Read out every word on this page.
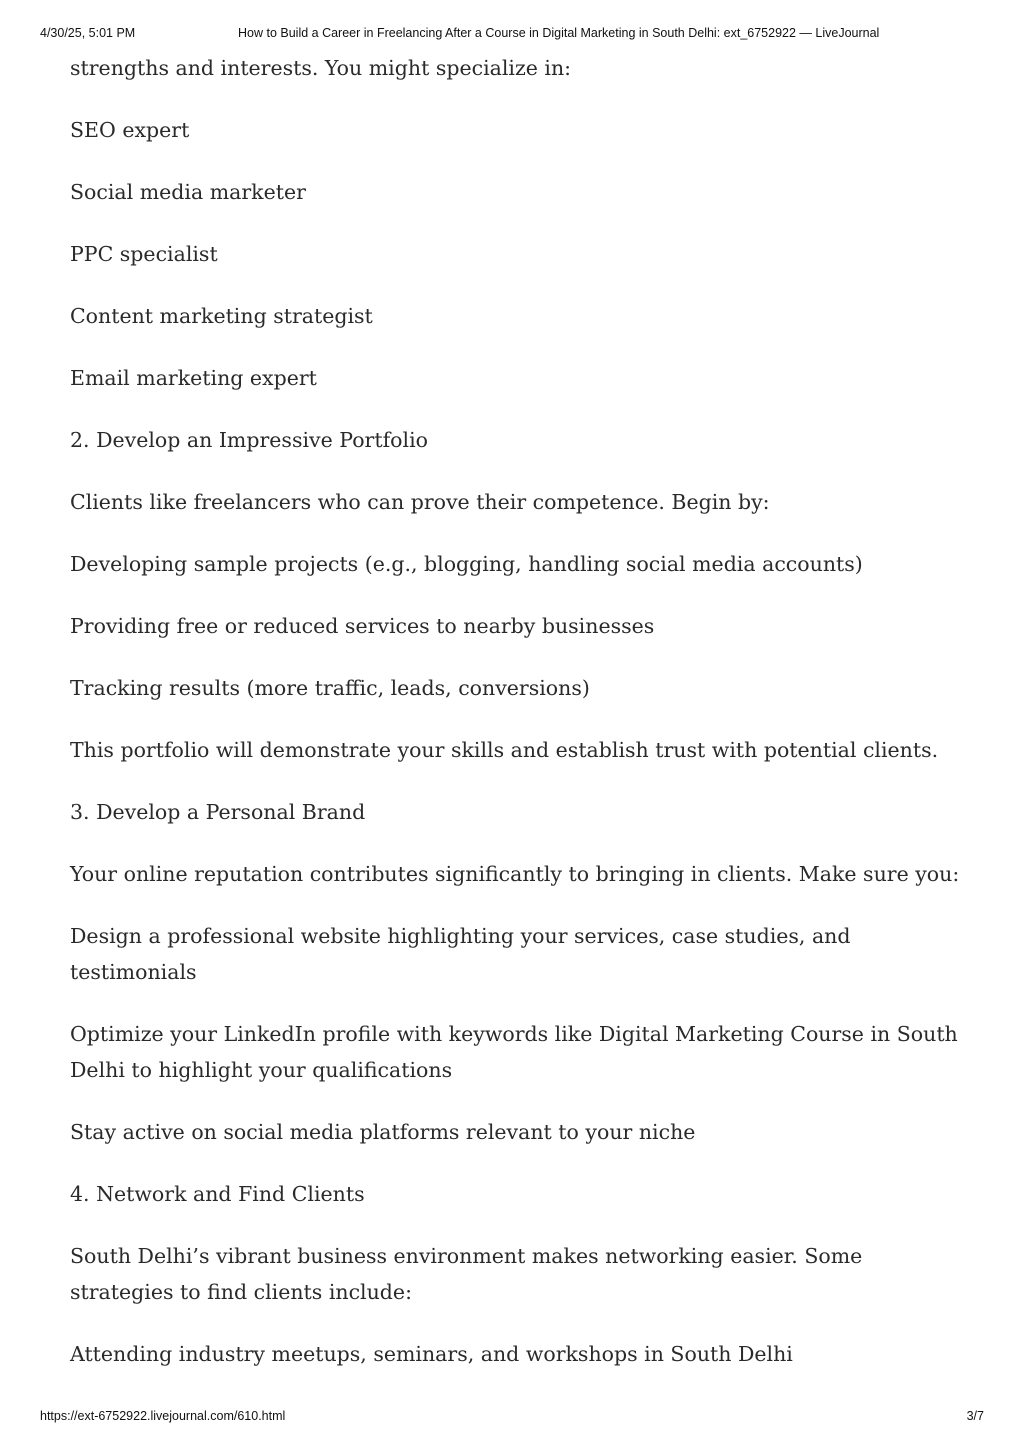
4/30/25, 5:01 PM	How to Build a Career in Freelancing After a Course in Digital Marketing in South Delhi: ext_6752922 — LiveJournal

strengths and interests. You might specialize in:

SEO expert

Social media marketer

PPC specialist

Content marketing strategist

Email marketing expert

2. Develop an Impressive Portfolio

Clients like freelancers who can prove their competence. Begin by:

Developing sample projects (e.g., blogging, handling social media accounts)

Providing free or reduced services to nearby businesses

Tracking results (more traffic, leads, conversions)

This portfolio will demonstrate your skills and establish trust with potential clients.

3. Develop a Personal Brand

Your online reputation contributes significantly to bringing in clients. Make sure you:

Design a professional website highlighting your services, case studies, and testimonials

Optimize your LinkedIn profile with keywords like Digital Marketing Course in South Delhi to highlight your qualifications

Stay active on social media platforms relevant to your niche

4. Network and Find Clients

South Delhi’s vibrant business environment makes networking easier. Some strategies to find clients include:

Attending industry meetups, seminars, and workshops in South Delhi

https://ext-6752922.livejournal.com/610.html	3/7
